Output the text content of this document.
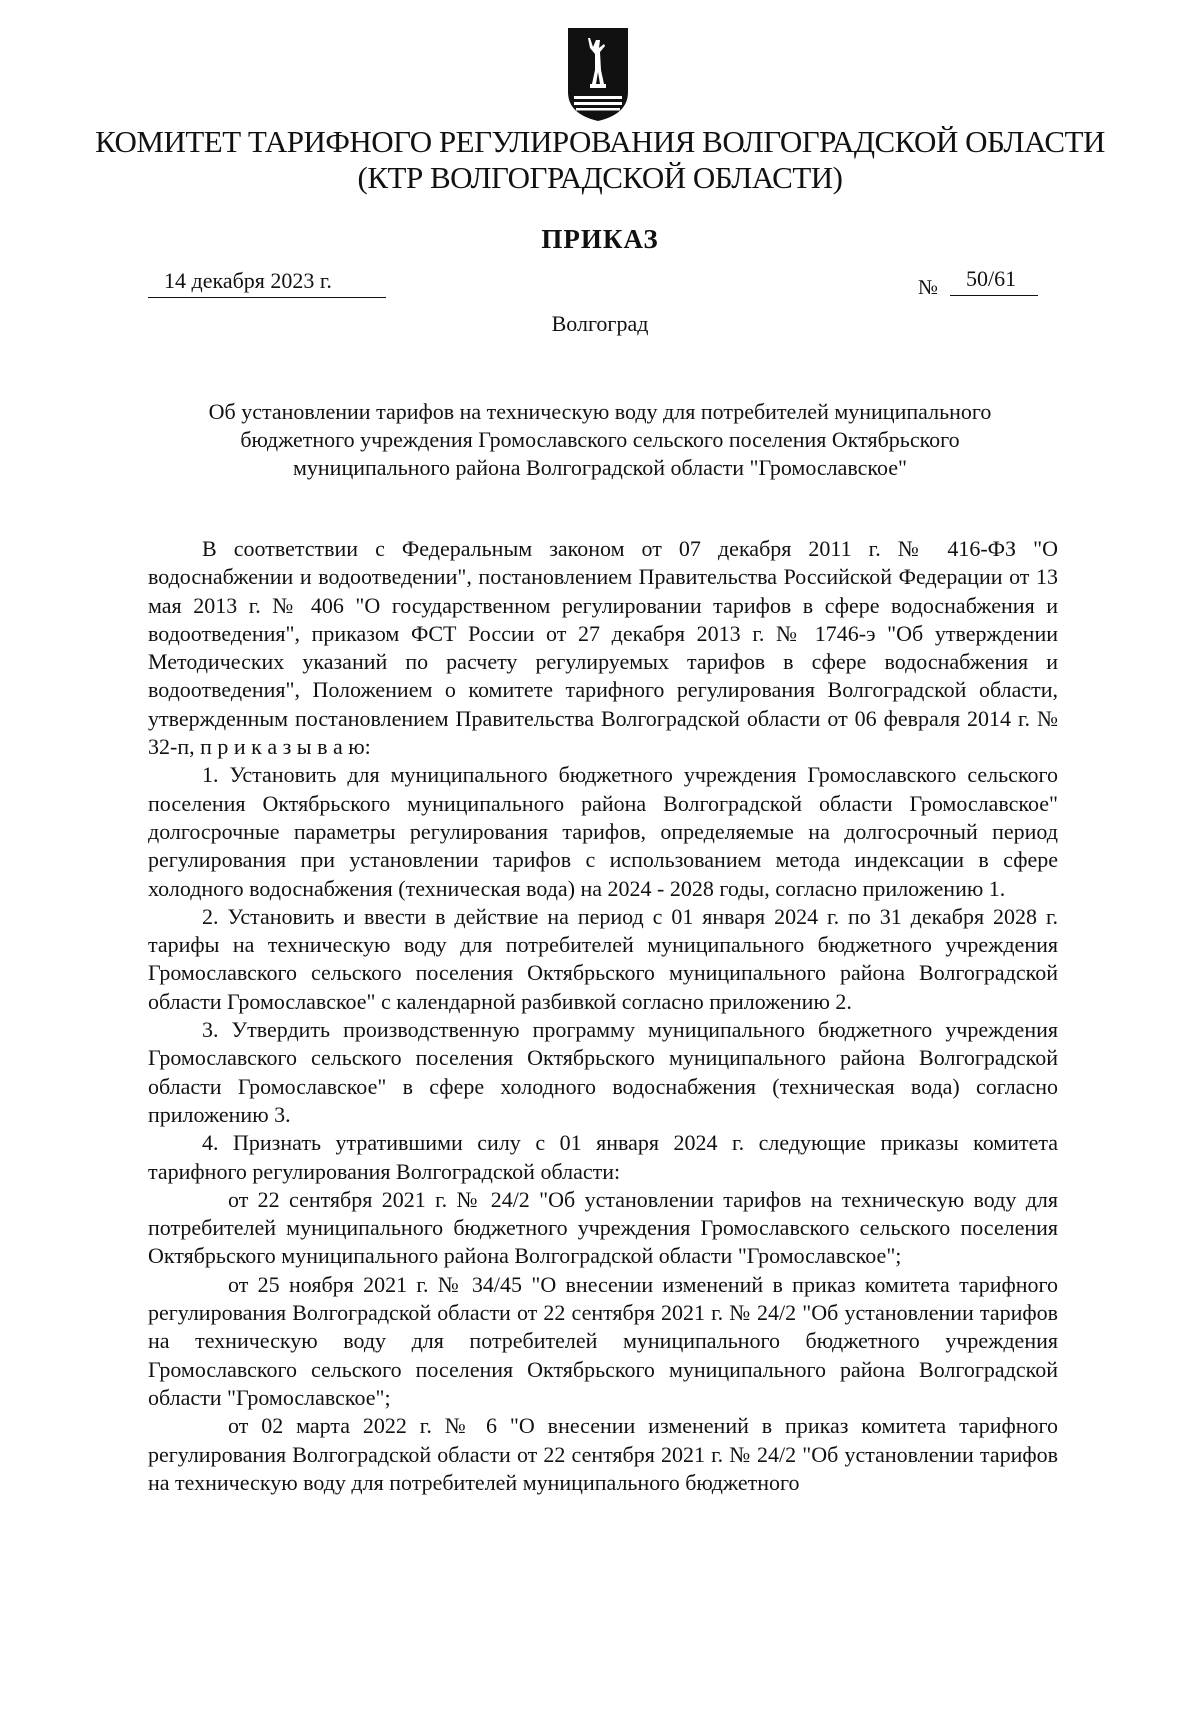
КОМИТЕТ ТАРИФНОГО РЕГУЛИРОВАНИЯ ВОЛГОГРАДСКОЙ ОБЛАСТИ
(КТР ВОЛГОГРАДСКОЙ ОБЛАСТИ)
ПРИКАЗ
14 декабря 2023 г.	№	50/61
Волгоград
Об установлении тарифов на техническую воду для потребителей муниципального
бюджетного учреждения Громославского сельского поселения Октябрьского
муниципального района Волгоградской области "Громославское"

В соответствии с Федеральным законом от 07 декабря 2011 г. № 416-ФЗ "О водоснабжении и водоотведении", постановлением Правительства Российской Федерации от 13 мая 2013 г. № 406 "О государственном регулировании тарифов в сфере водоснабжения и водоотведения", приказом ФСТ России от 27 декабря 2013 г. № 1746-э "Об утверждении Методических указаний по расчету регулируемых тарифов в сфере водоснабжения и водоотведения", Положением о комитете тарифного регулирования Волгоградской области, утвержденным постановлением Правительства Волгоградской области от 06 февраля 2014 г. № 32-п, п р и к а з ы в а ю:

1. Установить для муниципального бюджетного учреждения Громославского сельского поселения Октябрьского муниципального района Волгоградской области Громославское" долгосрочные параметры регулирования тарифов, определяемые на долгосрочный период регулирования при установлении тарифов с использованием метода индексации в сфере холодного водоснабжения (техническая вода) на 2024 - 2028 годы, согласно приложению 1.

2. Установить и ввести в действие на период с 01 января 2024 г. по 31 декабря 2028 г. тарифы на техническую воду для потребителей муниципального бюджетного учреждения Громославского сельского поселения Октябрьского муниципального района Волгоградской области Громославское" с календарной разбивкой согласно приложению 2.

3. Утвердить производственную программу муниципального бюджетного учреждения Громославского сельского поселения Октябрьского муниципального района Волгоградской области Громославское" в сфере холодного водоснабжения (техническая вода) согласно приложению 3.

4. Признать утратившими силу с 01 января 2024 г. следующие приказы комитета тарифного регулирования Волгоградской области:

от 22 сентября 2021 г. № 24/2 "Об установлении тарифов на техническую воду для потребителей муниципального бюджетного учреждения Громославского сельского поселения Октябрьского муниципального района Волгоградской области "Громославское";

от 25 ноября 2021 г. № 34/45 "О внесении изменений в приказ комитета тарифного регулирования Волгоградской области от 22 сентября 2021 г. № 24/2 "Об установлении тарифов на техническую воду для потребителей муниципального бюджетного учреждения Громославского сельского поселения Октябрьского муниципального района Волгоградской области "Громославское";

от 02 марта 2022 г. № 6 "О внесении изменений в приказ комитета тарифного регулирования Волгоградской области от 22 сентября 2021 г. № 24/2 "Об установлении тарифов на техническую воду для потребителей муниципального бюджетного
